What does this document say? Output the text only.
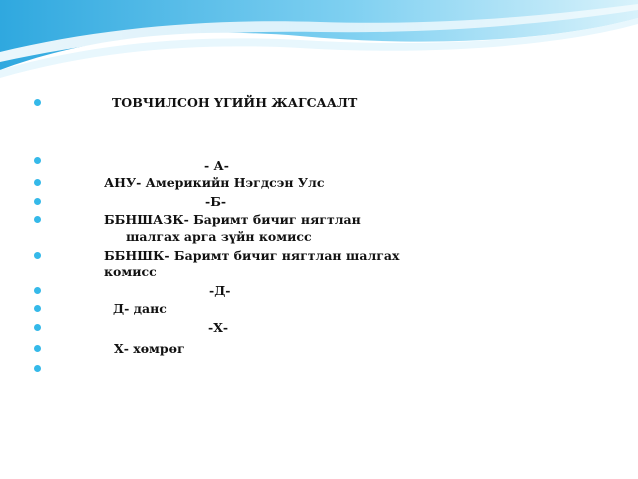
ТОВЧИЛСОН ҮГИЙН ЖАГСААЛТ
- А-
АНУ- Америкийн Нэгдсэн Улс
-Б-
ББНШАЗК- Баримт бичиг нягтлан
шалгах арга зүйн комисс
ББНШК- Баримт бичиг нягтлан шалгах
комисс
-Д-
Д- данс
-Х-
Х- хөмрөг
